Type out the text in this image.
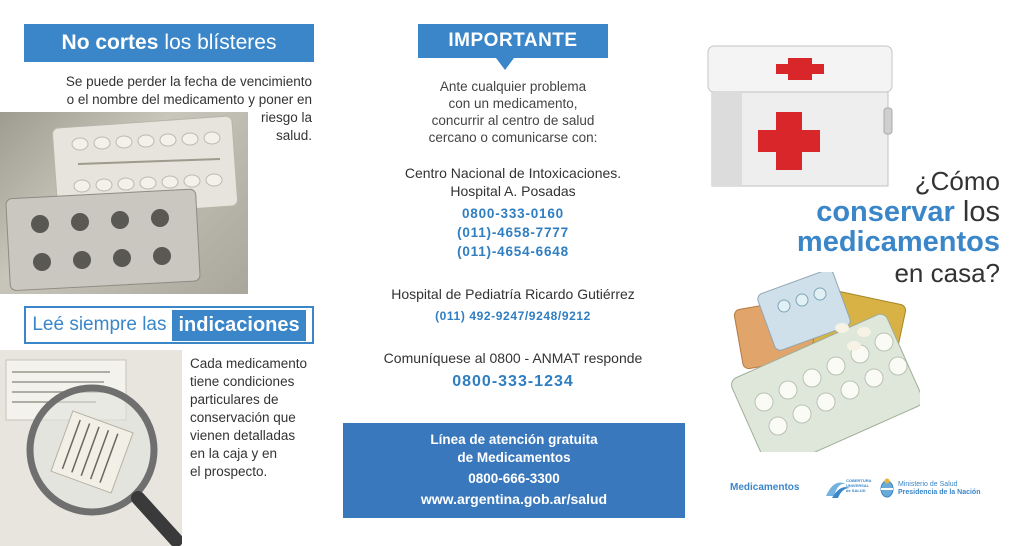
No cortes los blísteres
Se puede perder la fecha de vencimiento
o el nombre del medicamento y poner en
riesgo la
salud.
Leé siempre las indicaciones
Cada medicamento
tiene condiciones
particulares de
conservación que
vienen detalladas
en la caja y en
el prospecto.
IMPORTANTE
Ante cualquier problema
con un medicamento,
concurrir al centro de salud
cercano o comunicarse con:
Centro Nacional de Intoxicaciones.
Hospital A. Posadas
0800-333-0160
(011)-4658-7777
(011)-4654-6648
Hospital de Pediatría Ricardo Gutiérrez
(011) 492-9247/9248/9212
Comuníquese al 0800 - ANMAT responde
0800-333-1234
Línea de atención gratuita
de Medicamentos
0800-666-3300
www.argentina.gob.ar/salud
¿Cómo
conservar los
medicamentos
en casa?
Medicamentos
COBERTURA
UNIVERSAL
de SALUD
Ministerio de Salud
Presidencia de la Nación
